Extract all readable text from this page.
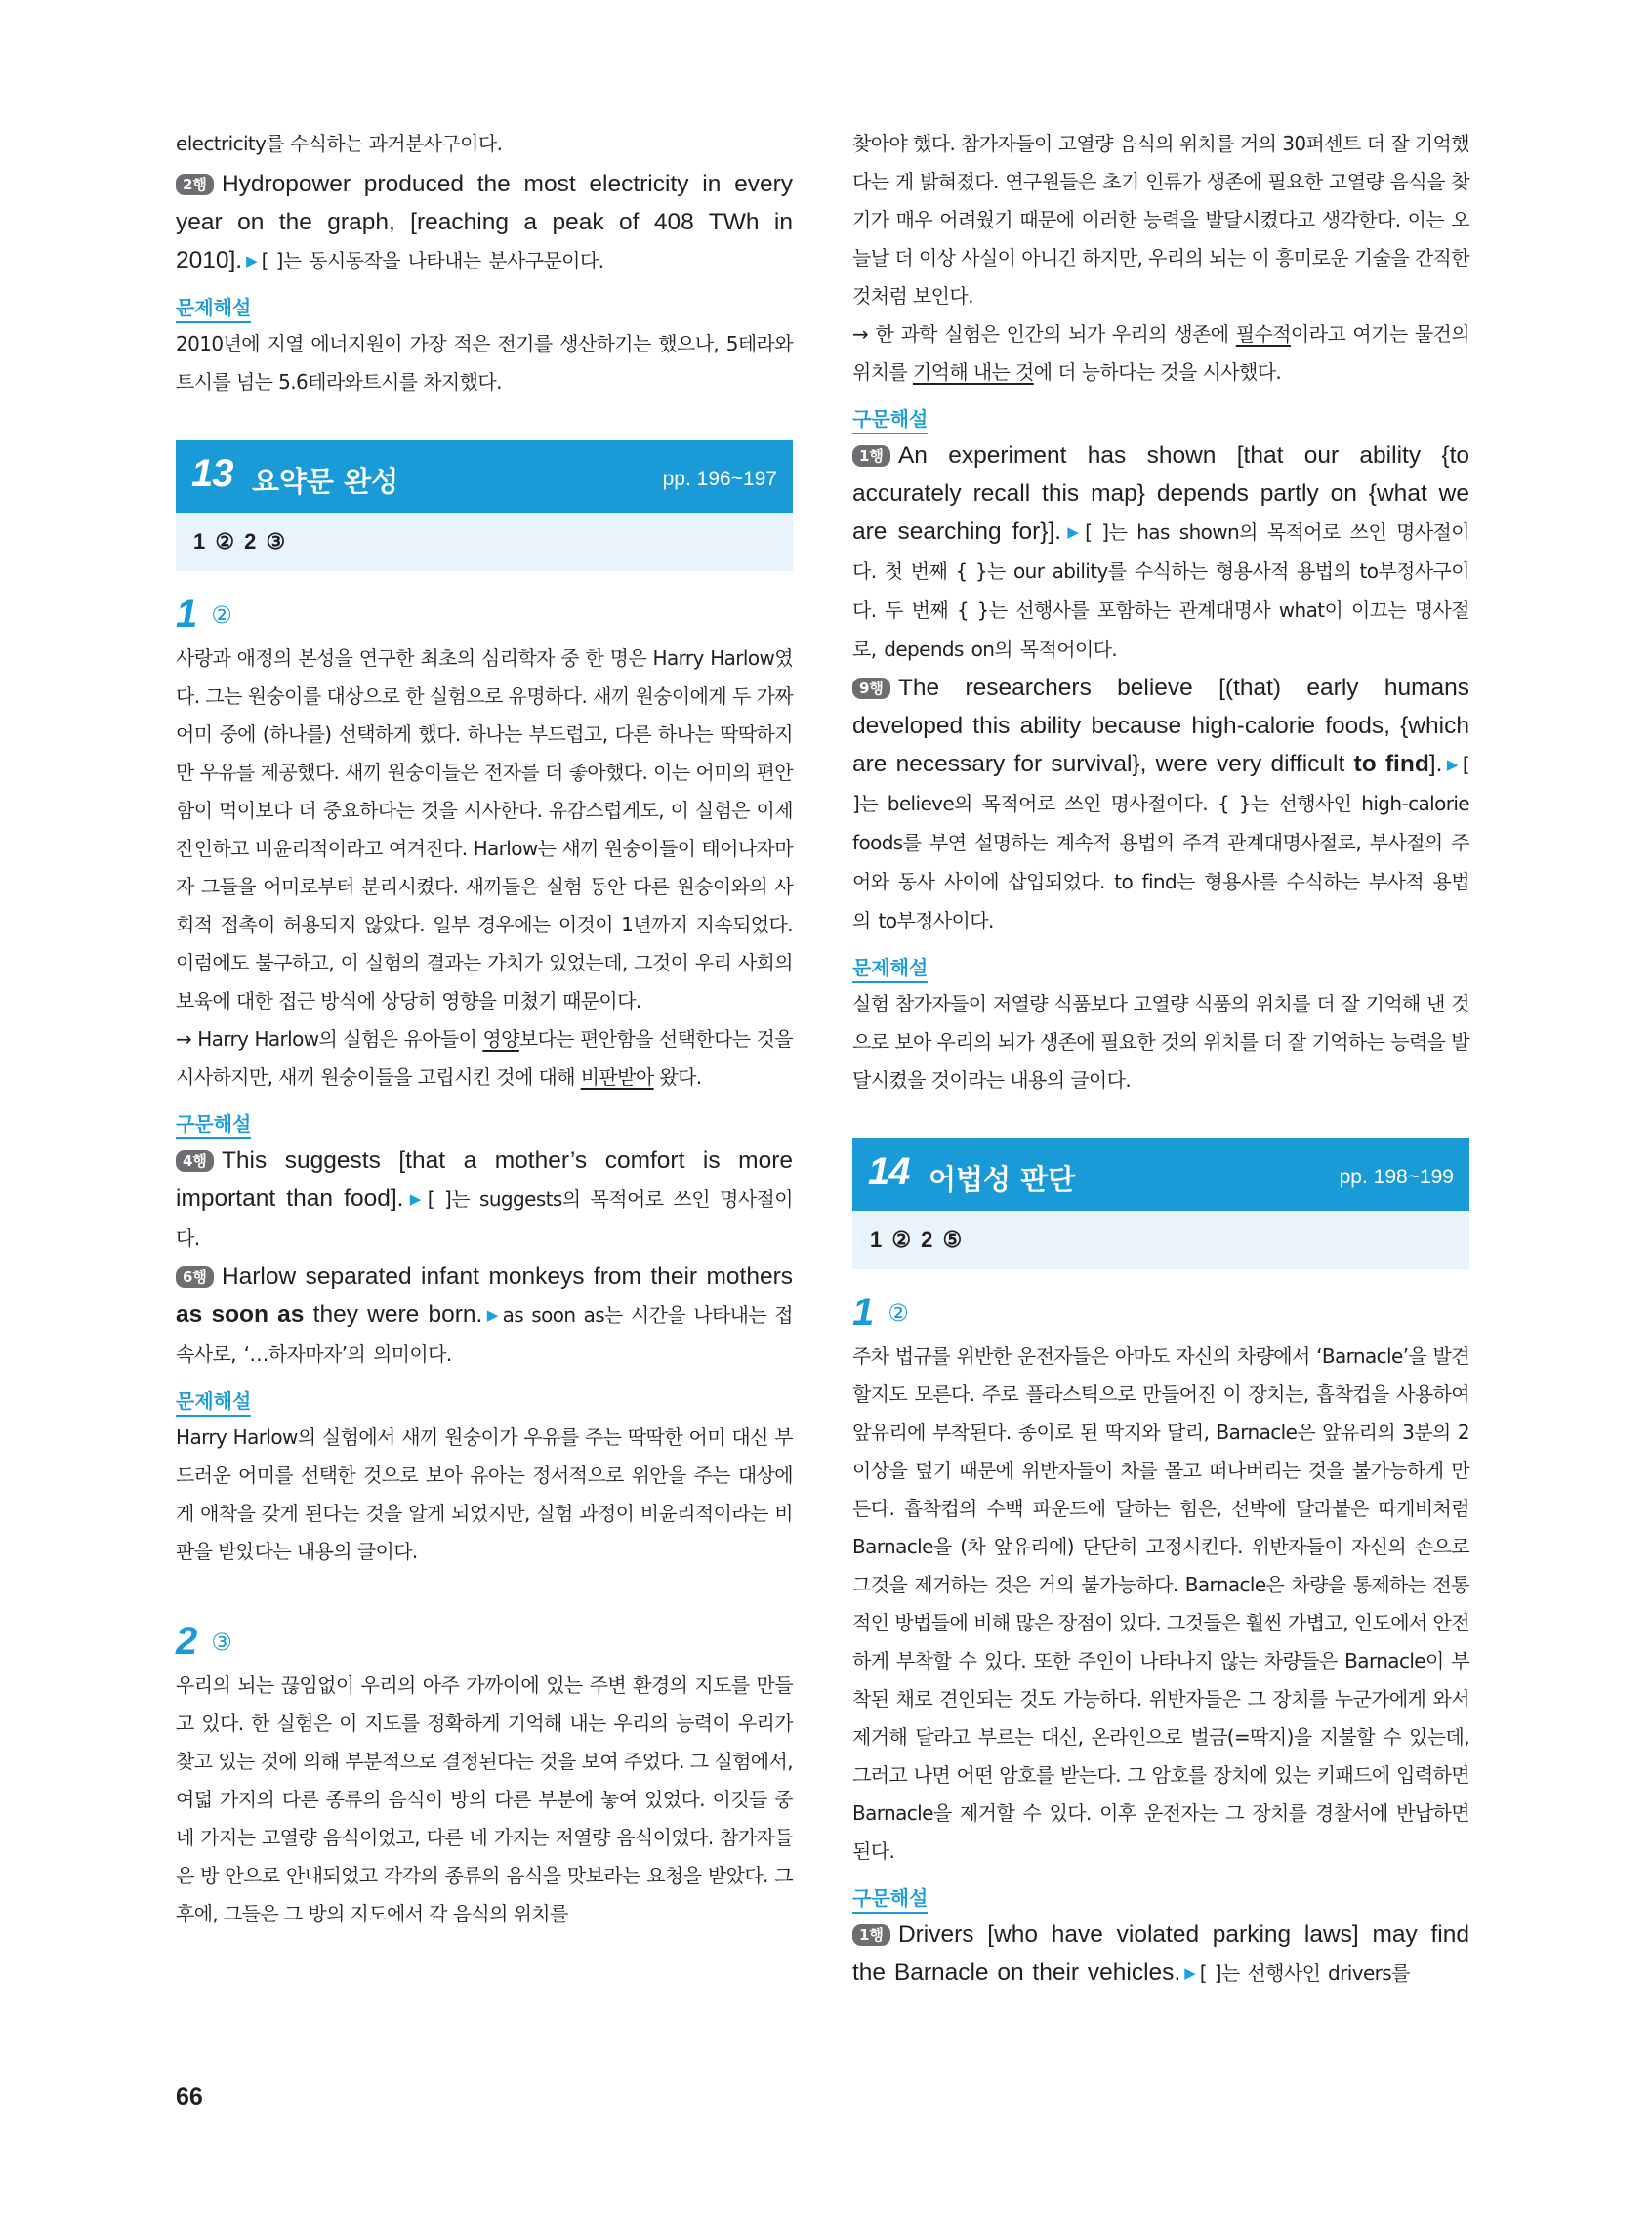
electricity를 수식하는 과거분사구이다.

2행 Hydropower produced the most electricity in every year on the graph, [reaching a peak of 408 TWh in 2010]. ▶ [ ]는 동시동작을 나타내는 분사구문이다.

문제해설

2010년에 지열 에너지원이 가장 적은 전기를 생산하기는 했으나, 5테라와트시를 넘는 5.6테라와트시를 차지했다.

13 요약문 완성	pp. 196~197
1 ② 2 ③
1 ②

사랑과 애정의 본성을 연구한 최초의 심리학자 중 한 명은 Harry Harlow였다. 그는 원숭이를 대상으로 한 실험으로 유명하다. 새끼 원숭이에게 두 가짜 어미 중에 (하나를) 선택하게 했다. 하나는 부드럽고, 다른 하나는 딱딱하지만 우유를 제공했다. 새끼 원숭이들은 전자를 더 좋아했다. 이는 어미의 편안함이 먹이보다 더 중요하다는 것을 시사한다. 유감스럽게도, 이 실험은 이제 잔인하고 비윤리적이라고 여겨진다. Harlow는 새끼 원숭이들이 태어나자마자 그들을 어미로부터 분리시켰다. 새끼들은 실험 동안 다른 원숭이와의 사회적 접촉이 허용되지 않았다. 일부 경우에는 이것이 1년까지 지속되었다. 이럼에도 불구하고, 이 실험의 결과는 가치가 있었는데, 그것이 우리 사회의 보육에 대한 접근 방식에 상당히 영향을 미쳤기 때문이다.

→ Harry Harlow의 실험은 유아들이 영양보다는 편안함을 선택한다는 것을 시사하지만, 새끼 원숭이들을 고립시킨 것에 대해 비판받아 왔다.

구문해설

4행 This suggests [that a mother’s comfort is more important than food]. ▶ [ ]는 suggests의 목적어로 쓰인 명사절이다.

6행 Harlow separated infant monkeys from their mothers as soon as they were born. ▶ as soon as는 시간을 나타내는 접속사로, ‘…하자마자’의 의미이다.

문제해설

Harry Harlow의 실험에서 새끼 원숭이가 우유를 주는 딱딱한 어미 대신 부드러운 어미를 선택한 것으로 보아 유아는 정서적으로 위안을 주는 대상에게 애착을 갖게 된다는 것을 알게 되었지만, 실험 과정이 비윤리적이라는 비판을 받았다는 내용의 글이다.

2 ③

우리의 뇌는 끊임없이 우리의 아주 가까이에 있는 주변 환경의 지도를 만들고 있다. 한 실험은 이 지도를 정확하게 기억해 내는 우리의 능력이 우리가 찾고 있는 것에 의해 부분적으로 결정된다는 것을 보여 주었다. 그 실험에서, 여덟 가지의 다른 종류의 음식이 방의 다른 부분에 놓여 있었다. 이것들 중 네 가지는 고열량 음식이었고, 다른 네 가지는 저열량 음식이었다. 참가자들은 방 안으로 안내되었고 각각의 종류의 음식을 맛보라는 요청을 받았다. 그 후에, 그들은 그 방의 지도에서 각 음식의 위치를

찾아야 했다. 참가자들이 고열량 음식의 위치를 거의 30퍼센트 더 잘 기억했다는 게 밝혀졌다. 연구원들은 초기 인류가 생존에 필요한 고열량 음식을 찾기가 매우 어려웠기 때문에 이러한 능력을 발달시켰다고 생각한다. 이는 오늘날 더 이상 사실이 아니긴 하지만, 우리의 뇌는 이 흥미로운 기술을 간직한 것처럼 보인다.

→ 한 과학 실험은 인간의 뇌가 우리의 생존에 필수적이라고 여기는 물건의 위치를 기억해 내는 것에 더 능하다는 것을 시사했다.

구문해설

1행 An experiment has shown [that our ability {to accurately recall this map} depends partly on {what we are searching for}]. ▶ [ ]는 has shown의 목적어로 쓰인 명사절이다. 첫 번째 { }는 our ability를 수식하는 형용사적 용법의 to부정사구이다. 두 번째 { }는 선행사를 포함하는 관계대명사 what이 이끄는 명사절로, depends on의 목적어이다.

9행 The researchers believe [(that) early humans developed this ability because high-calorie foods, {which are necessary for survival}, were very difficult to find]. ▶ [ ]는 believe의 목적어로 쓰인 명사절이다. { }는 선행사인 high-calorie foods를 부연 설명하는 계속적 용법의 주격 관계대명사절로, 부사절의 주어와 동사 사이에 삽입되었다. to find는 형용사를 수식하는 부사적 용법의 to부정사이다.

문제해설

실험 참가자들이 저열량 식품보다 고열량 식품의 위치를 더 잘 기억해 낸 것으로 보아 우리의 뇌가 생존에 필요한 것의 위치를 더 잘 기억하는 능력을 발달시켰을 것이라는 내용의 글이다.

14 어법성 판단	pp. 198~199
1 ② 2 ⑤
1 ②

주차 법규를 위반한 운전자들은 아마도 자신의 차량에서 ‘Barnacle’을 발견할지도 모른다. 주로 플라스틱으로 만들어진 이 장치는, 흡착컵을 사용하여 앞유리에 부착된다. 종이로 된 딱지와 달리, Barnacle은 앞유리의 3분의 2 이상을 덮기 때문에 위반자들이 차를 몰고 떠나버리는 것을 불가능하게 만든다. 흡착컵의 수백 파운드에 달하는 힘은, 선박에 달라붙은 따개비처럼 Barnacle을 (차 앞유리에) 단단히 고정시킨다. 위반자들이 자신의 손으로 그것을 제거하는 것은 거의 불가능하다. Barnacle은 차량을 통제하는 전통적인 방법들에 비해 많은 장점이 있다. 그것들은 훨씬 가볍고, 인도에서 안전하게 부착할 수 있다. 또한 주인이 나타나지 않는 차량들은 Barnacle이 부착된 채로 견인되는 것도 가능하다. 위반자들은 그 장치를 누군가에게 와서 제거해 달라고 부르는 대신, 온라인으로 벌금(=딱지)을 지불할 수 있는데, 그러고 나면 어떤 암호를 받는다. 그 암호를 장치에 있는 키패드에 입력하면 Barnacle을 제거할 수 있다. 이후 운전자는 그 장치를 경찰서에 반납하면 된다.

구문해설

1행 Drivers [who have violated parking laws] may find the Barnacle on their vehicles. ▶ [ ]는 선행사인 drivers를

66
